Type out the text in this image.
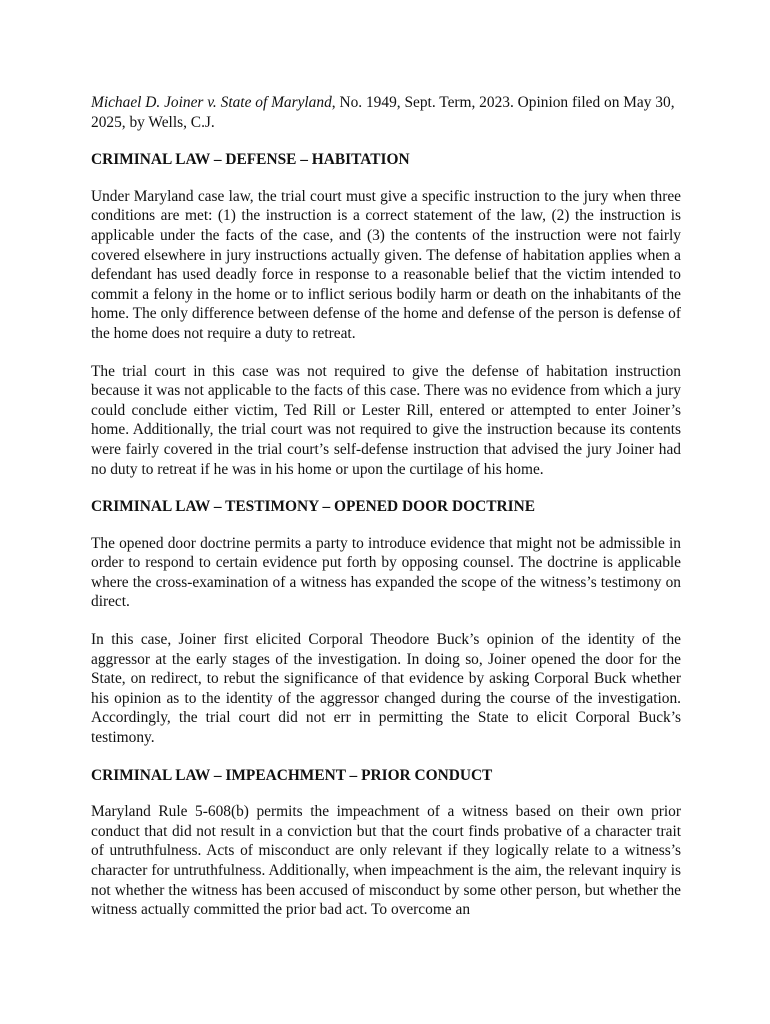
Michael D. Joiner v. State of Maryland, No. 1949, Sept. Term, 2023. Opinion filed on May 30, 2025, by Wells, C.J.

CRIMINAL LAW – DEFENSE – HABITATION

Under Maryland case law, the trial court must give a specific instruction to the jury when three conditions are met: (1) the instruction is a correct statement of the law, (2) the instruction is applicable under the facts of the case, and (3) the contents of the instruction were not fairly covered elsewhere in jury instructions actually given. The defense of habitation applies when a defendant has used deadly force in response to a reasonable belief that the victim intended to commit a felony in the home or to inflict serious bodily harm or death on the inhabitants of the home. The only difference between defense of the home and defense of the person is defense of the home does not require a duty to retreat.

The trial court in this case was not required to give the defense of habitation instruction because it was not applicable to the facts of this case. There was no evidence from which a jury could conclude either victim, Ted Rill or Lester Rill, entered or attempted to enter Joiner’s home. Additionally, the trial court was not required to give the instruction because its contents were fairly covered in the trial court’s self-defense instruction that advised the jury Joiner had no duty to retreat if he was in his home or upon the curtilage of his home.

CRIMINAL LAW – TESTIMONY – OPENED DOOR DOCTRINE

The opened door doctrine permits a party to introduce evidence that might not be admissible in order to respond to certain evidence put forth by opposing counsel. The doctrine is applicable where the cross-examination of a witness has expanded the scope of the witness’s testimony on direct.

In this case, Joiner first elicited Corporal Theodore Buck’s opinion of the identity of the aggressor at the early stages of the investigation. In doing so, Joiner opened the door for the State, on redirect, to rebut the significance of that evidence by asking Corporal Buck whether his opinion as to the identity of the aggressor changed during the course of the investigation. Accordingly, the trial court did not err in permitting the State to elicit Corporal Buck’s testimony.

CRIMINAL LAW – IMPEACHMENT – PRIOR CONDUCT

Maryland Rule 5-608(b) permits the impeachment of a witness based on their own prior conduct that did not result in a conviction but that the court finds probative of a character trait of untruthfulness. Acts of misconduct are only relevant if they logically relate to a witness’s character for untruthfulness. Additionally, when impeachment is the aim, the relevant inquiry is not whether the witness has been accused of misconduct by some other person, but whether the witness actually committed the prior bad act. To overcome an
